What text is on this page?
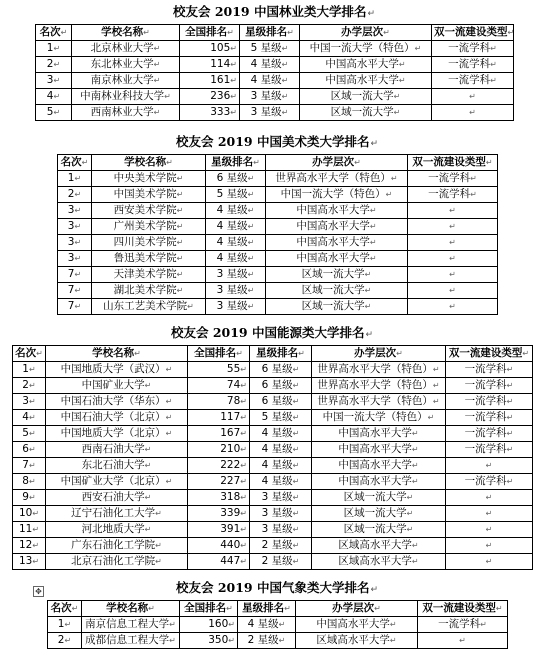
校友会 2019 中国林业类大学排名↵
名次↵	学校名称↵	全国排名↵	星级排名↵	办学层次↵	双一流建设类型↵
1↵	北京林业大学↵	105↵	5 星级↵	中国一流大学（特色）↵	一流学科↵
2↵	东北林业大学↵	114↵	4 星级↵	中国高水平大学↵	一流学科↵
3↵	南京林业大学↵	161↵	4 星级↵	中国高水平大学↵	一流学科↵
4↵	中南林业科技大学↵	236↵	3 星级↵	区域一流大学↵	↵
5↵	西南林业大学↵	333↵	3 星级↵	区域一流大学↵	↵
校友会 2019 中国美术类大学排名↵
名次↵	学校名称↵	星级排名↵	办学层次↵	双一流建设类型↵
1↵	中央美术学院↵	6 星级↵	世界高水平大学（特色）↵	一流学科↵
2↵	中国美术学院↵	5 星级↵	中国一流大学（特色）↵	一流学科↵
3↵	西安美术学院↵	4 星级↵	中国高水平大学↵	↵
3↵	广州美术学院↵	4 星级↵	中国高水平大学↵	↵
3↵	四川美术学院↵	4 星级↵	中国高水平大学↵	↵
3↵	鲁迅美术学院↵	4 星级↵	中国高水平大学↵	↵
7↵	天津美术学院↵	3 星级↵	区域一流大学↵	↵
7↵	湖北美术学院↵	3 星级↵	区域一流大学↵	↵
7↵	山东工艺美术学院↵	3 星级↵	区域一流大学↵	↵
校友会 2019 中国能源类大学排名↵
名次↵	学校名称↵	全国排名↵	星级排名↵	办学层次↵	双一流建设类型↵
1↵	中国地质大学（武汉）↵	55↵	6 星级↵	世界高水平大学（特色）↵	一流学科↵
2↵	中国矿业大学↵	74↵	6 星级↵	世界高水平大学（特色）↵	一流学科↵
3↵	中国石油大学（华东）↵	78↵	6 星级↵	世界高水平大学（特色）↵	一流学科↵
4↵	中国石油大学（北京）↵	117↵	5 星级↵	中国一流大学（特色）↵	一流学科↵
5↵	中国地质大学（北京）↵	167↵	4 星级↵	中国高水平大学↵	一流学科↵
6↵	西南石油大学↵	210↵	4 星级↵	中国高水平大学↵	一流学科↵
7↵	东北石油大学↵	222↵	4 星级↵	中国高水平大学↵	↵
8↵	中国矿业大学（北京）↵	227↵	4 星级↵	中国高水平大学↵	一流学科↵
9↵	西安石油大学↵	318↵	3 星级↵	区域一流大学↵	↵
10↵	辽宁石油化工大学↵	339↵	3 星级↵	区域一流大学↵	↵
11↵	河北地质大学↵	391↵	3 星级↵	区域一流大学↵	↵
12↵	广东石油化工学院↵	440↵	2 星级↵	区域高水平大学↵	↵
13↵	北京石油化工学院↵	447↵	2 星级↵	区域高水平大学↵	↵
校友会 2019 中国气象类大学排名↵
名次↵	学校名称↵	全国排名↵	星级排名↵	办学层次↵	双一流建设类型↵
1↵	南京信息工程大学↵	160↵	4 星级↵	中国高水平大学↵	一流学科↵
2↵	成都信息工程大学↵	350↵	2 星级↵	区域高水平大学↵	↵
✥
